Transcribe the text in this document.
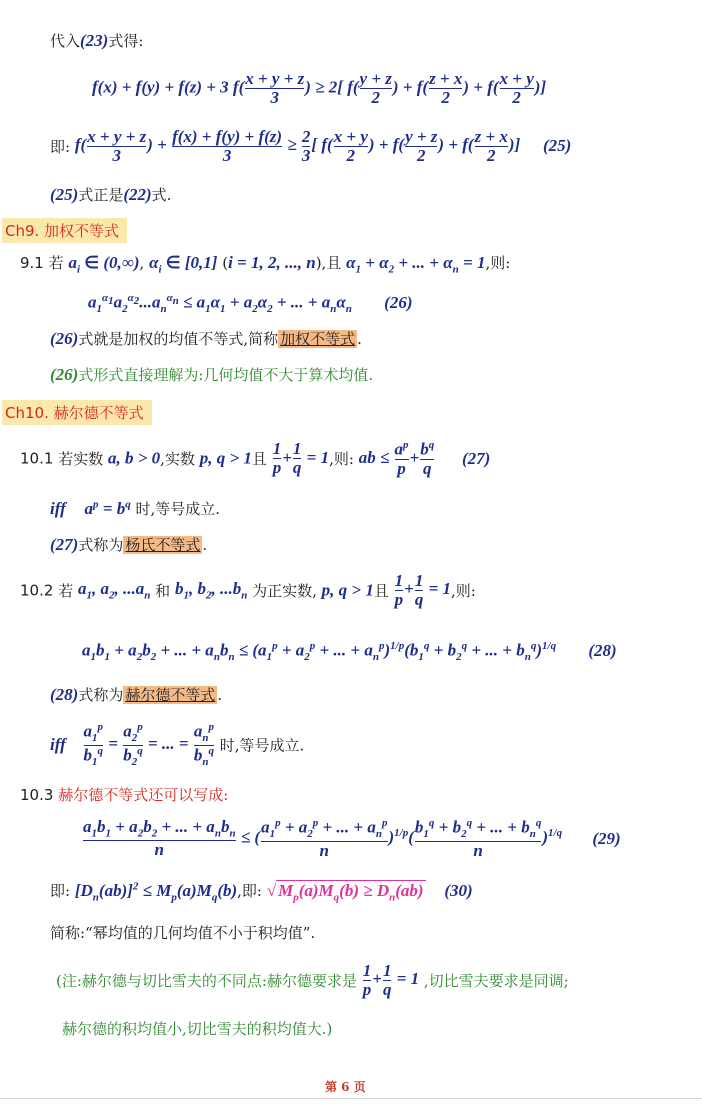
代入(23)式得:
f(x) + f(y) + f(z) + 3 $f( \frac{x + y + z}{3}$ ) ≥ 2[ $f( \frac{y + z}{2}$ ) + $f( \frac{z + x}{2}$ ) + $f( \frac{x + y}{2}$ )]
即: $f( \frac{x + y + z}{3}$ ) + $\frac{f(x) + f(y) + f(z)}{3} \ge \frac{2}{3}$ [ $f( \frac{x + y}{2}$ ) + $f( \frac{y + z}{2}$ ) + $f( \frac{z + x}{2}$ )] (25)
(25)式正是(22)式.
Ch9. 加权不等式
9.1 若 $a_i$ ∈ (0,∞), $\alpha_i$ ∈ [0,1] (i = 1, 2, ..., n),且 $\alpha_1 + \alpha_2$ + ... + $\alpha_n = 1$,则:
$a_1^{\alpha_1}a_2^{\alpha_2}...a_n^{\alpha_n} \le a_1\alpha_1 + a_2\alpha_2$ + ... + $a_n\alpha_n$ (26)
(26)式就是加权的均值不等式,简称 加权不等式 .
(26)式形式直接理解为:几何均值不大于算术均值.
Ch10. 赫尔德不等式
10.1 若实数 a, b > 0,实数 p, q > 1且 $\frac{1}{p} + \frac{1}{q} = 1$,则: ab ≤ $\frac{a^p}{p} + \frac{b^q}{q} (27)$
iff $a^p = b^q$ 时,等号成立.
(27)式称为 杨氏不等式 .
10.2 若 $a_1$, $a_2$, $...a_n$ 和 $b_1$, $b_2$, $...b_n$ 为正实数, p, q > 1且 $\frac{1}{p} + \frac{1}{q} = 1$,则:
$a_1b_1 + a_2b_2$ + ... + $a_nb_n \le (a_1^p + a_2^p$ + ... + $a_n^p)^{1/p}(b_1^q + b_2^q$ + ... + $b_n^q)^{1/q}$ (28)
(28)式称为 赫尔德不等式 .
iff $\frac{a_1^p}{b_1^q} = \frac{a_2^p}{b_2^q}$ = ... = $\frac{a_n^p}{b_n^q}$ 时,等号成立.
10.3 赫尔德不等式还可以写成:
$\frac{a_1b_1 + a_2b_2 + ... + a_nb_n}{n}$ ≤ ( $\frac{a_1^p + a_2^p + ... + a_n^p}{n} )^{1/p}( \frac{b_1^q + b_2^q + ... + b_n^q}{n} )^{1/q}$ (29)
即: $[D_n(ab)]^2 \le M_p(a)M_q(b)$,即: √ $M_p(a)M_q(b) \ge D_n(ab)$ (30)
简称:“幂均值的几何均值不小于积均值”.
(注:赫尔德与切比雪夫的不同点:赫尔德要求是 $\frac{1}{p} + \frac{1}{q} = 1$ ,切比雪夫要求是同调;
赫尔德的积均值小,切比雪夫的积均值大.)
第 6 页
